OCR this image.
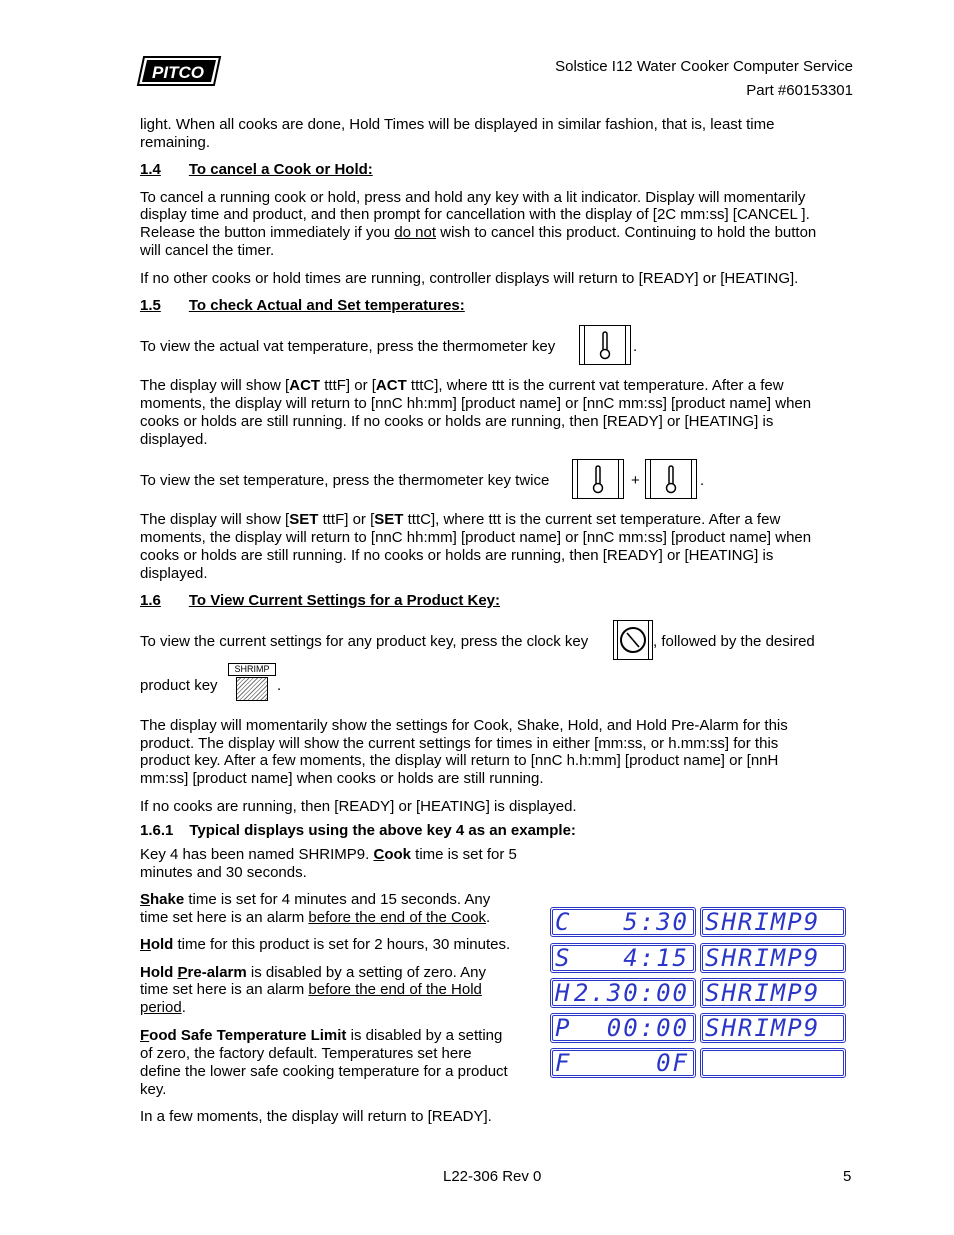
PITCO	Solstice I12 Water Cooker Computer Service
Part #60153301
light. When all cooks are done, Hold Times will be displayed in similar fashion, that is, least time
remaining.
1.4 To cancel a Cook or Hold:
To cancel a running cook or hold, press and hold any key with a lit indicator. Display will momentarily
display time and product, and then prompt for cancellation with the display of [2C mm:ss] [CANCEL ].
Release the button immediately if you do not wish to cancel this product. Continuing to hold the button
will cancel the timer.
If no other cooks or hold times are running, controller displays will return to [READY] or [HEATING].
1.5 To check Actual and Set temperatures:
To view the actual vat temperature, press the thermometer key	.
The display will show [ACT tttF] or [ACT tttC], where ttt is the current vat temperature. After a few
moments, the display will return to [nnC hh:mm] [product name] or [nnC mm:ss] [product name] when
cooks or holds are still running. If no cooks or holds are running, then [READY] or [HEATING] is
displayed.
To view the set temperature, press the thermometer key twice	+	.
The display will show [SET tttF] or [SET tttC], where ttt is the current set temperature. After a few
moments, the display will return to [nnC hh:mm] [product name] or [nnC mm:ss] [product name] when
cooks or holds are still running. If no cooks or holds are running, then [READY] or [HEATING] is
displayed.
1.6 To View Current Settings for a Product Key:
To view the current settings for any product key, press the clock key	, followed by the desired
product key
SHRIMP
.
The display will momentarily show the settings for Cook, Shake, Hold, and Hold Pre-Alarm for this
product. The display will show the current settings for times in either [mm:ss, or h.mm:ss] for this
product key. After a few moments, the display will return to [nnC h.h:mm] [product name] or [nnH
mm:ss] [product name] when cooks or holds are still running.
If no cooks are running, then [READY] or [HEATING] is displayed.
1.6.1 Typical displays using the above key 4 as an example:
Key 4 has been named SHRIMP9. Cook time is set for 5
minutes and 30 seconds.
Shake time is set for 4 minutes and 15 seconds. Any
time set here is an alarm before the end of the Cook.
Hold time for this product is set for 2 hours, 30 minutes.
Hold Pre-alarm is disabled by a setting of zero. Any
time set here is an alarm before the end of the Hold
period.
Food Safe Temperature Limit is disabled by a setting
of zero, the factory default. Temperatures set here
define the lower safe cooking temperature for a product
key.
In a few moments, the display will return to [READY].
C 5:30 SHRIMP9
S 4:15 SHRIMP9
H 2.30:00 SHRIMP9
P 00:00 SHRIMP9
F	0F
L22-306 Rev 0	5
